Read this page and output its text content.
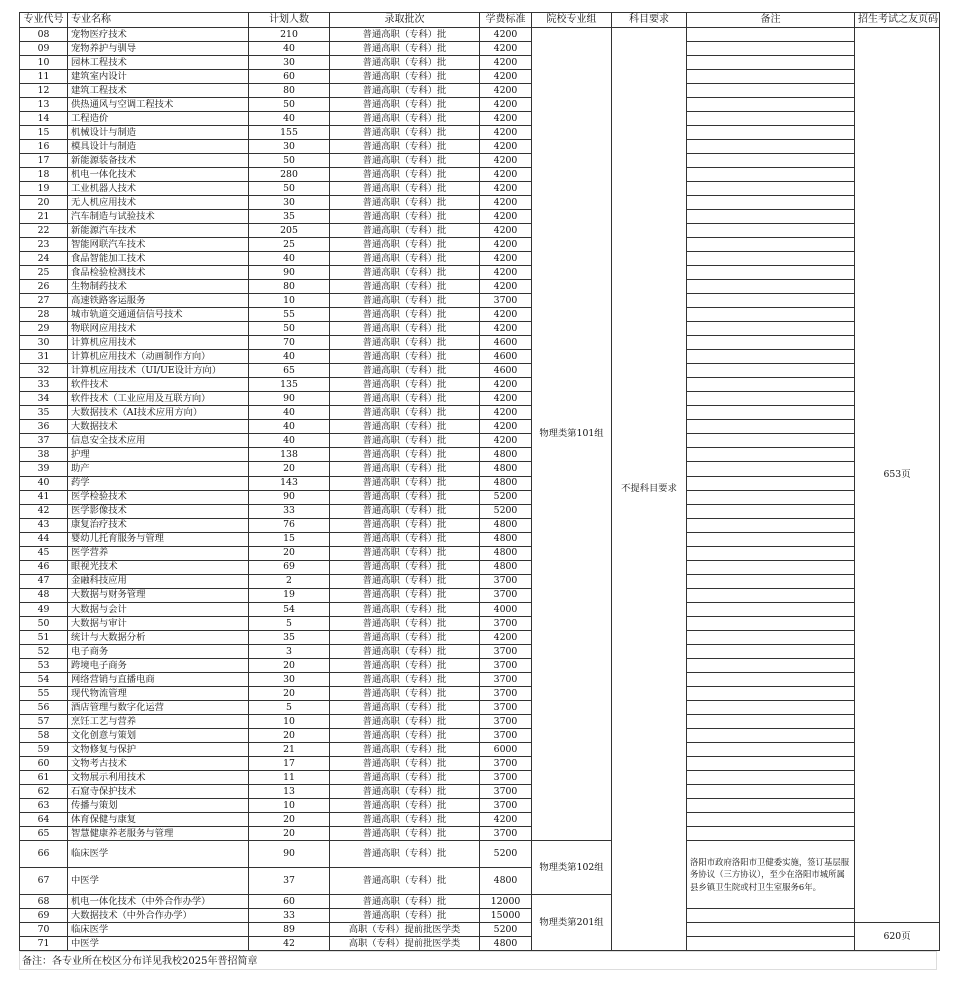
专业代号	专业名称	计划人数	录取批次	学费标准	院校专业组	科目要求	备注	招生考试之友页码
08	宠物医疗技术	210	普通高职（专科）批	4200	物理类第101组	不提科目要求		653页
09	宠物养护与驯导	40	普通高职（专科）批	4200				
10	园林工程技术	30	普通高职（专科）批	4200				
11	建筑室内设计	60	普通高职（专科）批	4200				
12	建筑工程技术	80	普通高职（专科）批	4200				
13	供热通风与空调工程技术	50	普通高职（专科）批	4200				
14	工程造价	40	普通高职（专科）批	4200				
15	机械设计与制造	155	普通高职（专科）批	4200				
16	模具设计与制造	30	普通高职（专科）批	4200				
17	新能源装备技术	50	普通高职（专科）批	4200				
18	机电一体化技术	280	普通高职（专科）批	4200				
19	工业机器人技术	50	普通高职（专科）批	4200				
20	无人机应用技术	30	普通高职（专科）批	4200				
21	汽车制造与试验技术	35	普通高职（专科）批	4200				
22	新能源汽车技术	205	普通高职（专科）批	4200				
23	智能网联汽车技术	25	普通高职（专科）批	4200				
24	食品智能加工技术	40	普通高职（专科）批	4200				
25	食品检验检测技术	90	普通高职（专科）批	4200				
26	生物制药技术	80	普通高职（专科）批	4200				
27	高速铁路客运服务	10	普通高职（专科）批	3700				
28	城市轨道交通通信信号技术	55	普通高职（专科）批	4200				
29	物联网应用技术	50	普通高职（专科）批	4200				
30	计算机应用技术	70	普通高职（专科）批	4600				
31	计算机应用技术（动画制作方向）	40	普通高职（专科）批	4600				
32	计算机应用技术（UI/UE设计方向）	65	普通高职（专科）批	4600				
33	软件技术	135	普通高职（专科）批	4200				
34	软件技术（工业应用及互联方向）	90	普通高职（专科）批	4200				
35	大数据技术（AI技术应用方向）	40	普通高职（专科）批	4200				
36	大数据技术	40	普通高职（专科）批	4200				
37	信息安全技术应用	40	普通高职（专科）批	4200				
38	护理	138	普通高职（专科）批	4800				
39	助产	20	普通高职（专科）批	4800				
40	药学	143	普通高职（专科）批	4800				
41	医学检验技术	90	普通高职（专科）批	5200				
42	医学影像技术	33	普通高职（专科）批	5200				
43	康复治疗技术	76	普通高职（专科）批	4800				
44	婴幼儿托育服务与管理	15	普通高职（专科）批	4800				
45	医学营养	20	普通高职（专科）批	4800				
46	眼视光技术	69	普通高职（专科）批	4800				
47	金融科技应用	2	普通高职（专科）批	3700				
48	大数据与财务管理	19	普通高职（专科）批	3700				
49	大数据与会计	54	普通高职（专科）批	4000				
50	大数据与审计	5	普通高职（专科）批	3700				
51	统计与大数据分析	35	普通高职（专科）批	4200				
52	电子商务	3	普通高职（专科）批	3700				
53	跨境电子商务	20	普通高职（专科）批	3700				
54	网络营销与直播电商	30	普通高职（专科）批	3700				
55	现代物流管理	20	普通高职（专科）批	3700				
56	酒店管理与数字化运营	5	普通高职（专科）批	3700				
57	烹饪工艺与营养	10	普通高职（专科）批	3700				
58	文化创意与策划	20	普通高职（专科）批	3700				
59	文物修复与保护	21	普通高职（专科）批	6000				
60	文物考古技术	17	普通高职（专科）批	3700				
61	文物展示利用技术	11	普通高职（专科）批	3700				
62	石窟寺保护技术	13	普通高职（专科）批	3700				
63	传播与策划	10	普通高职（专科）批	3700				
64	体育保健与康复	20	普通高职（专科）批	4200				
65	智慧健康养老服务与管理	20	普通高职（专科）批	3700				
66	临床医学	90	普通高职（专科）批	5200	物理类第102组		洛阳市政府洛阳市卫健委实施，签订基层服务协议（三方协议），至少在洛阳市城所属县乡镇卫生院或村卫生室服务6年。	
67	中医学	37	普通高职（专科）批	4800				
68	机电一体化技术（中外合作办学）	60	普通高职（专科）批	12000	物理类第201组			
69	大数据技术（中外合作办学）	33	普通高职（专科）批	15000				
70	临床医学	89	高职（专科）提前批医学类	5200				620页
71	中医学	42	高职（专科）提前批医学类	4800				
备注：各专业所在校区分布详见我校2025年普招简章
